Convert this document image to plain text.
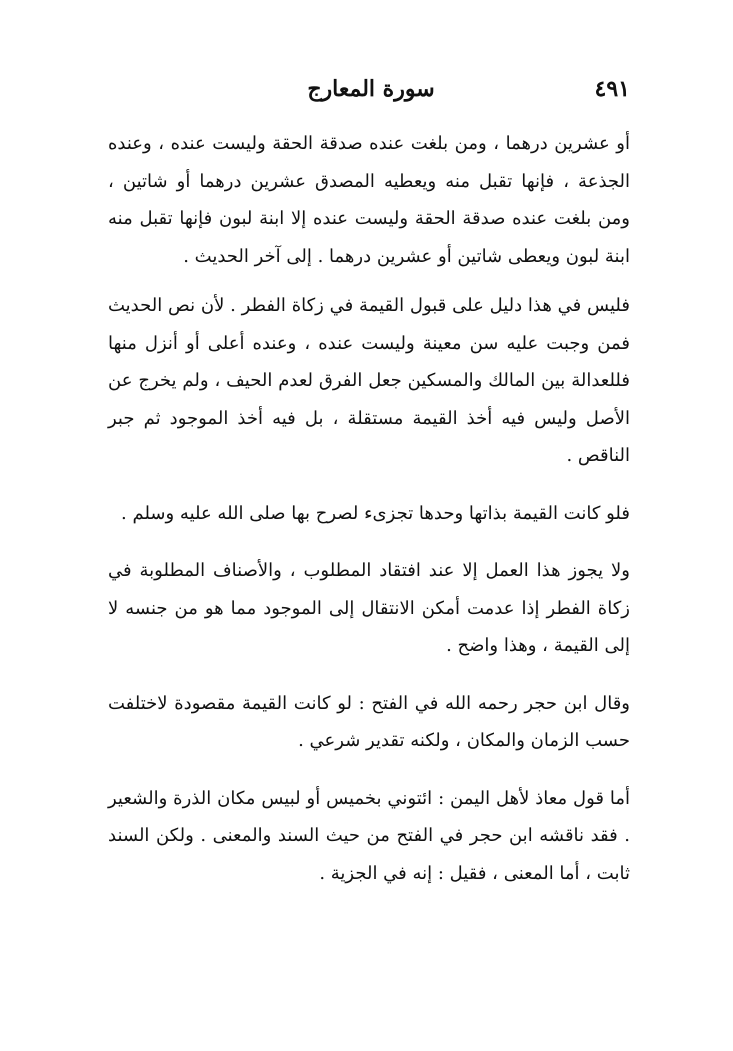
سورة المعارج	٤٩١

أو عشرين درهما ، ومن بلغت عنده صدقة الحقة وليست عنده ، وعنده الجذعة ، فإنها تقبل منه ويعطيه المصدق عشرين درهما أو شاتين ، ومن بلغت عنده صدقة الحقة وليست عنده إلا ابنة لبون فإنها تقبل منه ابنة لبون ويعطى شاتين أو عشرين درهما . إلى آخر الحديث .

فليس في هذا دليل على قبول القيمة في زكاة الفطر . لأن نص الحديث فمن وجبت عليه سن معينة وليست عنده ، وعنده أعلى أو أنزل منها فللعدالة بين المالك والمسكين جعل الفرق لعدم الحيف ، ولم يخرج عن الأصل وليس فيه أخذ القيمة مستقلة ، بل فيه أخذ الموجود ثم جبر الناقص .

فلو كانت القيمة بذاتها وحدها تجزىء لصرح بها صلى الله عليه وسلم .

ولا يجوز هذا العمل إلا عند افتقاد المطلوب ، والأصناف المطلوبة في زكاة الفطر إذا عدمت أمكن الانتقال إلى الموجود مما هو من جنسه لا إلى القيمة ، وهذا واضح .

وقال ابن حجر رحمه الله في الفتح : لو كانت القيمة مقصودة لاختلفت حسب الزمان والمكان ، ولكنه تقدير شرعي .

أما قول معاذ لأهل اليمن : ائتوني بخميس أو لبيس مكان الذرة والشعير . فقد ناقشه ابن حجر في الفتح من حيث السند والمعنى . ولكن السند ثابت ، أما المعنى ، فقيل : إنه في الجزية .
